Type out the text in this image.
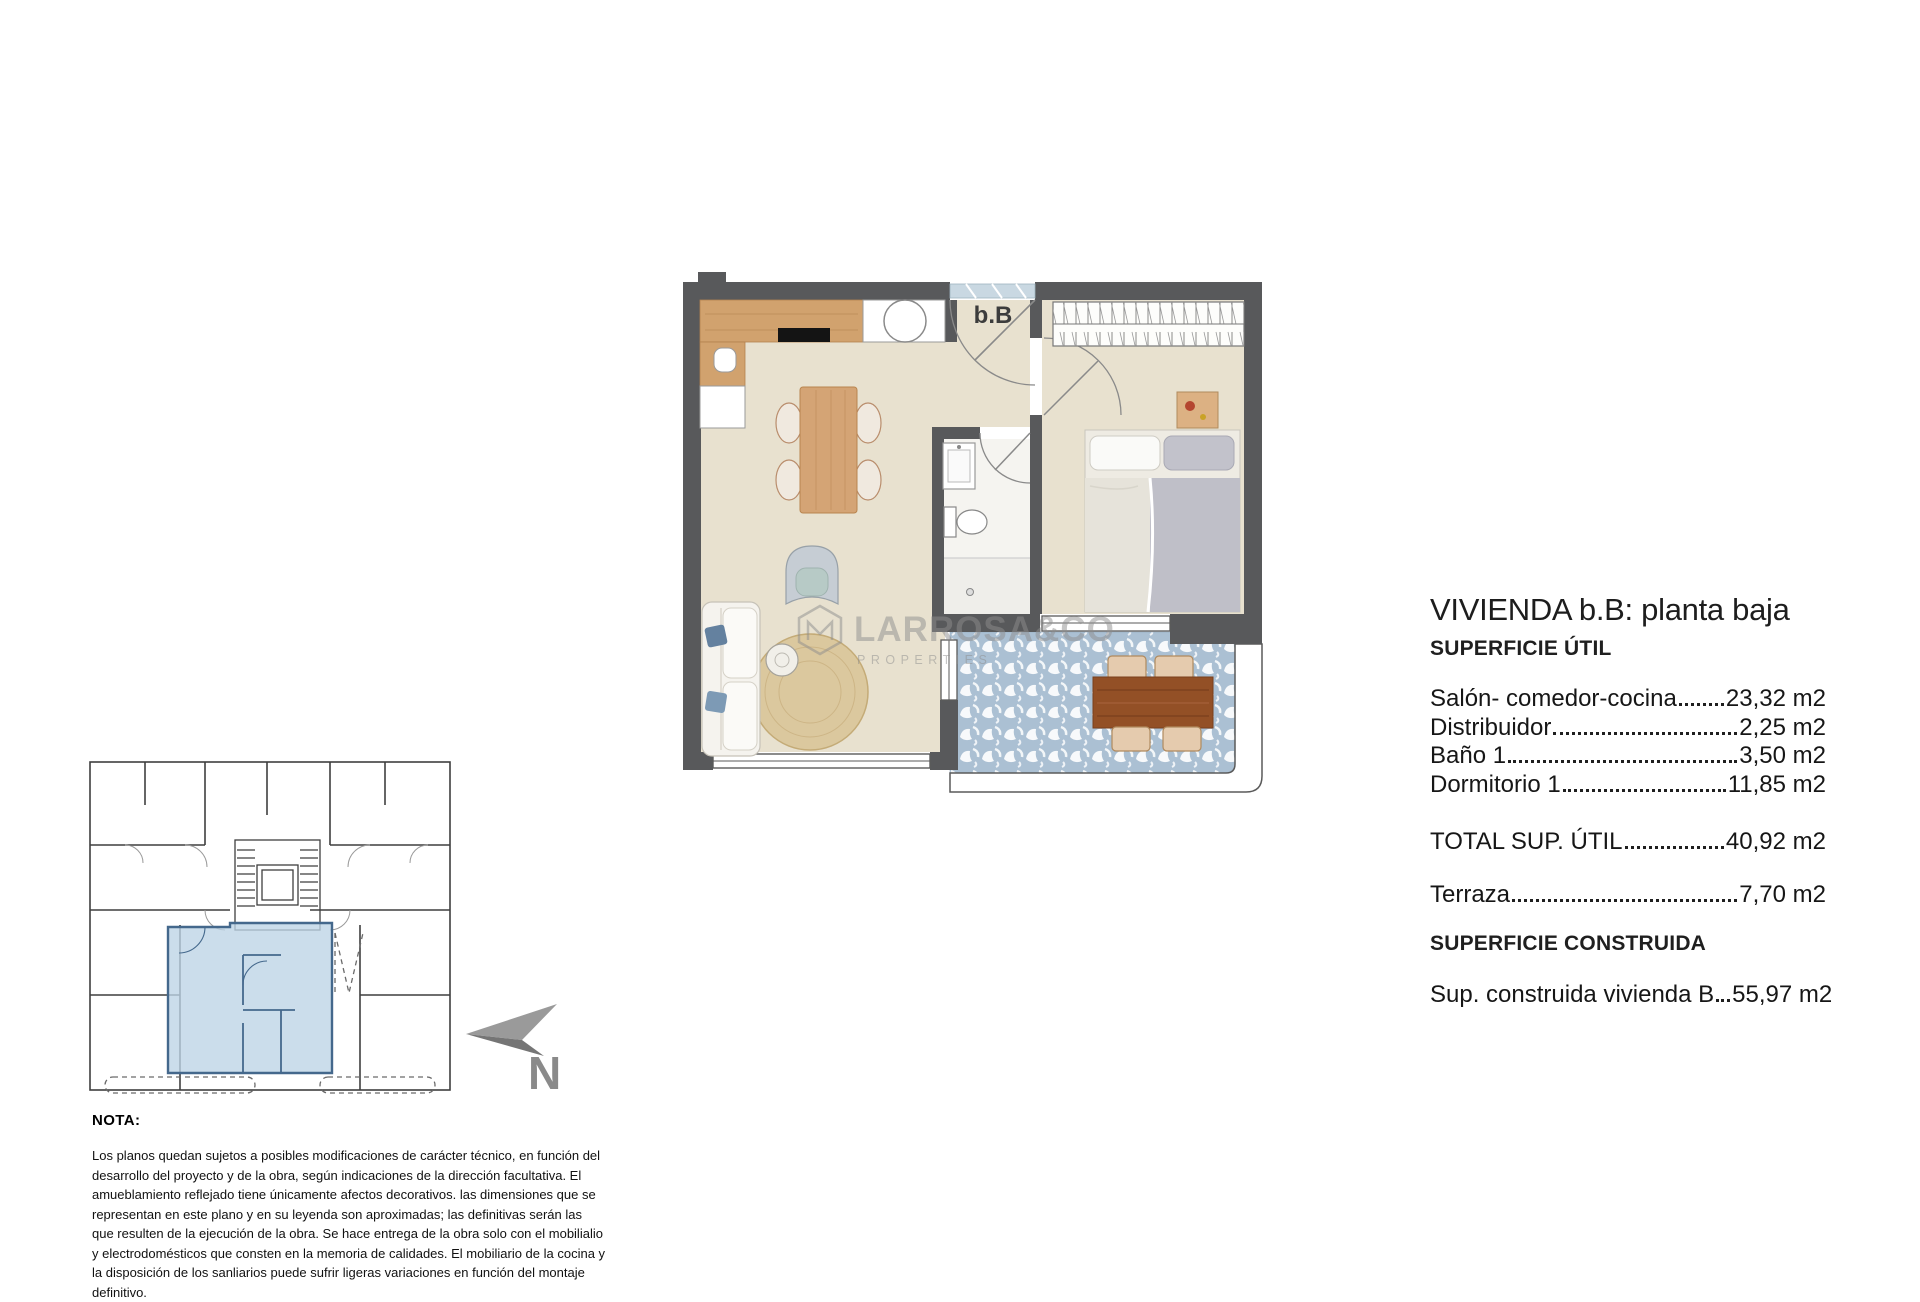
b.B
LARROSA&CO
PROPERTIES
N
VIVIENDA b.B: planta baja
SUPERFICIE ÚTIL
Salón- comedor-cocina 23,32 m2
Distribuidor	2,25 m2
Baño 1	3,50 m2
Dormitorio 1	11,85 m2
TOTAL SUP. ÚTIL	40,92 m2
Terraza	7,70 m2
SUPERFICIE CONSTRUIDA
Sup. construida vivienda B 55,97 m2
NOTA:
Los planos quedan sujetos a posibles modificaciones de carácter técnico, en función del desarrollo del proyecto y de la obra, según indicaciones de la dirección facultativa. El amueblamiento reflejado tiene únicamente afectos decorativos. las dimensiones que se representan en este plano y en su leyenda son aproximadas; las definitivas serán las que resulten de la ejecución de la obra. Se hace entrega de la obra solo con el mobilialio y electrodomésticos que consten en la memoria de calidades. El mobiliario de la cocina y la disposición de los sanliarios puede sufrir ligeras variaciones en función del montaje definitivo.
